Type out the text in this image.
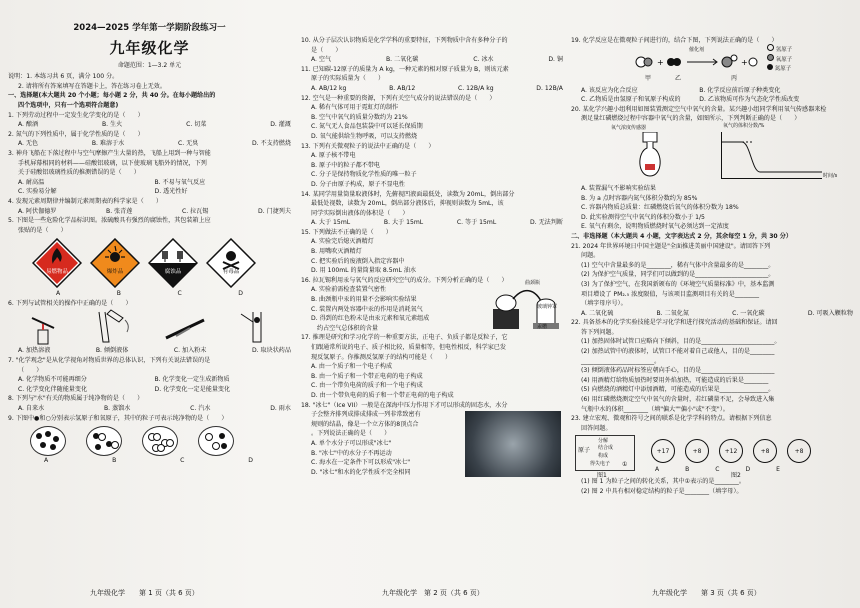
2024—2025 学年第一学期阶段练习一
九年级化学
命题范围：1—3.2 单元
说明：1. 本练习共 6 页，满分 100 分。
2. 请将所有答案填写在答题卡上，答在练习卷上无效。
一、选择题(本大题共 20 个小题；每小题 2 分，共 40 分。在每小题给出的
四个选项中，只有一个选项符合题意)
1. 下列劳动过程中一定发生化学变化的是（　　）
A. 酿酒	B. 生火	C. 切菜	D. 灌溉
2. 氮气的下列性质中，属于化学性质的是（　　）
A. 无色	B. 难溶于水	C. 无臭	D. 不支持燃烧
3. 神舟飞船在下落过程中与空气摩擦产生大量的热，飞船上用到一种与智能
手机屏幕相同的材料——硅酸铝玻璃，以下使玻璃飞船外的情况，下列
关于硅酸铝玻璃性质的推测错误的是（　　）
A. 耐高温	B. 不易与氧气反应
C. 实验易分解	D. 透光性好
4. 发现元素周期律并编制元素周期表的科学家是（　　）
A. 阿伏伽德罗	B. 张青莲	C. 拉瓦锡	D. 门捷列夫
5. 下图是一些危险化学品标识图。浓硫酸具有强烈的腐蚀性，其包装箱上应
张贴的是（　　）
易燃物品	爆炸品	腐蚀品	有毒品
A	B	C	D
6. 下列与试管相关的操作中正确的是（　　）
A. 加热溶液	B. 倾倒液体	C. 加入粉末	D. 取块状药品
7. "化学观念"是从化学视角对物质世界的总体认识，下列有关说法错误的是
（　　）
A. 化学物质不可能再细分	B. 化学变化一定生成新物质
C. 化学变化伴随能量变化	D. 化学变化一定是能量变化
8. 下列与"水"有关的物质属于纯净物的是（　　）
A. 自来水	B. 蒸馏水	C. 汽水	D. 雨水
9. 下图中●和○分别表示氢原子和氧原子，其中的粒子可表示纯净物的是（　　）
A	B	C	D
九年级化学　　第 1 页（共 6 页）
10. 从分子层次认识物质是化学学科的重要特征，下列物质中含有多种分子的
是（　　）
A. 空气	B. 二氧化碳	C. 冰水	D. 铜
11. 已知碳-12原子的质量为 A kg，一种元素的相对原子质量为 B，则该元素
原子的实际质量为（　　）
A. AB/12 kg	B. AB/12	C. 12B/A kg	D. 12B/A
12. 空气是一种重要的资源，下列有关空气成分的说法错误的是（　　）
A. 稀有气体可用于霓虹灯的制作
B. 空气中氧气的质量分数约为 21%
C. 氮气无人食品包装袋中可以延长保质期
D. 氧气能供给生物呼吸，可以支持燃烧
13. 下列有关微观粒子的说法中正确的是（　　）
A. 原子核不带电
B. 原子中的粒子都不带电
C. 分子是保持物质化学性质的唯一粒子
D. 分子由原子构成，原子不显电性
14. 某同学用量筒量取液体时，先俯视凹液面最低处，读数为 20mL，倒出部分
最低处视数，读数为 20mL，倒出部分液体后，抑视则读数为 5mL，该
同学实际倒出液体的体积是（　　）
A. 大于 15mL	B. 大于 15mL	C. 等于 15mL	D. 无法判断
15. 下列做法不正确的是（　　）
A. 实验完后熄灭酒精灯
B. 用嘴吹灭酒精灯
C. 把实验后的废液倒入指定容器中
D. 用 100mL 的量筒量取 8.5mL 油水
16. 拉瓦锡利用汞与氧气的反应研究空气的成分。下列分析正确的是（　　）
A. 实验前需检查装置气密性
B. 曲颈瓶中汞的用量不会影响实验结果
C. 装置内两处容器中汞的作用是消耗氧气
D. 得到的红色粉末是由汞元素和氧元素组成
约占空气总体积的含量
曲颈瓶
玻璃钟罩
汞槽
17. 推理是研究和学习化学的一种重要方法，正电子、负质子都是反粒子，它
们跟通常所说的电子、质子相比较，质量相等，但电性相反，科学家已发
现反氢原子。你推测反氢原子的结构可能是（　　）
A. 由一个质子和一个电子构成
B. 由一个质子和一个带正电荷的电子构成
C. 由一个带负电荷的质子和一个电子构成
D. 由一个带负电荷的质子和一个带正电荷的电子构成
18. "冰七"（Ice VII）一般是在深海中压力作用下才可以形成的固态水，水分
子会整齐排列成排成排成一列非常致密有
规则的结晶，像是一个立方体的8顶点合
。下列说法正确的是（　　）
A. 单个水分子可以形成"冰七"
B. "冰七"中的水分子不再运动
C. 海水在一定条件下可以形成"冰七"
D. "冰七"和水的化学性质不完全相同
九年级化学　第 2 页（共 6 页）
19. 化学反应是在微观粒子间进行的，结合下图，下列说法正确的是（　　）
+	+
催化剂
甲	乙	丙
氢原子
氧原子
氮原子
A. 该反应为化合反应	B. 化学反应前后原子种类变化
C. 乙物质是由氢原子和氧原子构成的	D. 乙该物质可作为气态化学性质改变
20. 某化学兴趣小组利用如图装置测定空气中氧气的含量。某兴趣小组同学利用氧气传感器来检
测足量红磷燃烧过程中容器中氧气的含量，如图所示，下列判断正确的是（　　）
氧气浓度传感器	氧气的体积分数/%
时间/s
A. 装置漏气不影响实验结果
B. 为 a 点时容器内氮气体积分数约为 85%
C. 容器内物质总质量：红磷燃烧后氧气的体积分数为 18%
D. 此实验测得空气中氧气的体积分数小于 1/5
E. 氧气有剩余，说明物质燃烧时氧气必须达到一定浓度
二、非选择题（本大题共 4 小题，文字表达式 2 分，其余每空 1 分，共 30 分）
21. 2024 年世界环境日中国主题是"全面推进美丽中国建设"。请回答下列
问题。
(1) 空气中含量最多的是________，稀有气体中含量最多的是________。
(2) 为保护空气质量，同学们可以做到的是________________________。
(3) 为了保护空气，在我国新颁布的《环境空气质量标准》中，基本监测
项目增设了 PM₂.₅ 浓度限值，与该项目监测项目有关的是________
（填字母序号）。
A. 二氧化硫	B. 二氧化氮	C. 一氧化碳	D. 可吸入颗粒物
22. 具备基本的化学实验技能是学习化学和进行探究活动的基础和保证。请回
答下列问题。
(1) 加热固体时试管口应略向下倾斜，目的是________________________。
(2) 加热试管中的液体时，试管口不能对着自己或他人，目的是________
________________________。
(3) 倾倒液体药品时标签应朝向手心，目的是________________________
(4) 用酒精灯给物质加热时要用外焰加热，可能造成的后果是________
(5) 向燃烧的酒精灯中添加酒精，可能造成的后果是________________。
(6) 用红磷燃烧测定空气中氧气的含量时，若红磷量不足，会导致进入集
气瓶中水的体积________（填"偏大""偏小"或"不变"）。
23. 建立宏观、微观和符号之间的联系是化学学科的特点。请根据下列信息
回答问题。
原子
分解
结合成
构成
得失电子 ①
+17	+8	+12	+8	+8
A	B	C	D	E
图1	图2
(1) 图 1 为粒子之间的转化关系，其中①表示的是________。
(2) 图 2 中具有相对稳定结构的粒子是________（填字母）。
九年级化学　　第 3 页（共 6 页）
